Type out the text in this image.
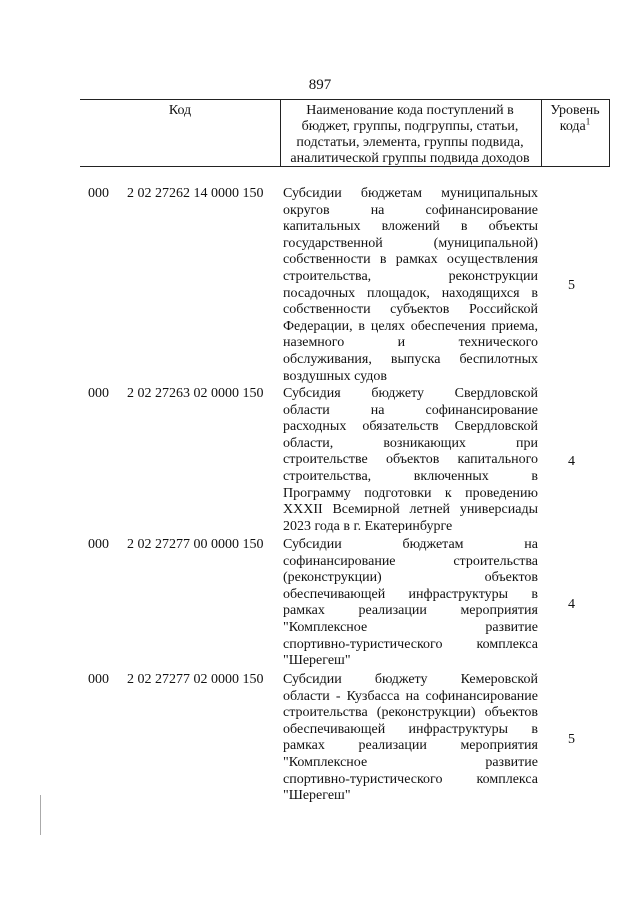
897
Код	Наименование кода поступлений в
бюджет, группы, подгруппы, статьи,
подстатьи, элемента, группы подвида,
аналитической группы подвида доходов
Уровень
кода$^1$
000 2 02 27262 14 0000 150 Субсидии бюджетам муниципальных
округов на софинансирование
капитальных вложений в объекты
государственной (муниципальной)
собственности в рамках осуществления
строительства, реконструкции
посадочных площадок, находящихся в
собственности субъектов Российской
Федерации, в целях обеспечения приема,
наземного и технического
обслуживания, выпуска беспилотных
воздушных судов
5
000 2 02 27263 02 0000 150 Субсидия бюджету Свердловской
области на софинансирование
расходных обязательств Свердловской
области, возникающих при
строительстве объектов капитального
строительства, включенных в
Программу подготовки к проведению
XXXII Всемирной летней универсиады
2023 года в г. Екатеринбурге
4
000 2 02 27277 00 0000 150 Субсидии бюджетам на
софинансирование строительства
(реконструкции) объектов
обеспечивающей инфраструктуры в
рамках реализации мероприятия
"Комплексное развитие
спортивно-туристического комплекса
"Шерегеш"
4
000 2 02 27277 02 0000 150 Субсидии бюджету Кемеровской
области - Кузбасса на софинансирование
строительства (реконструкции) объектов
обеспечивающей инфраструктуры в
рамках реализации мероприятия
"Комплексное развитие
спортивно-туристического комплекса
"Шерегеш"
5
